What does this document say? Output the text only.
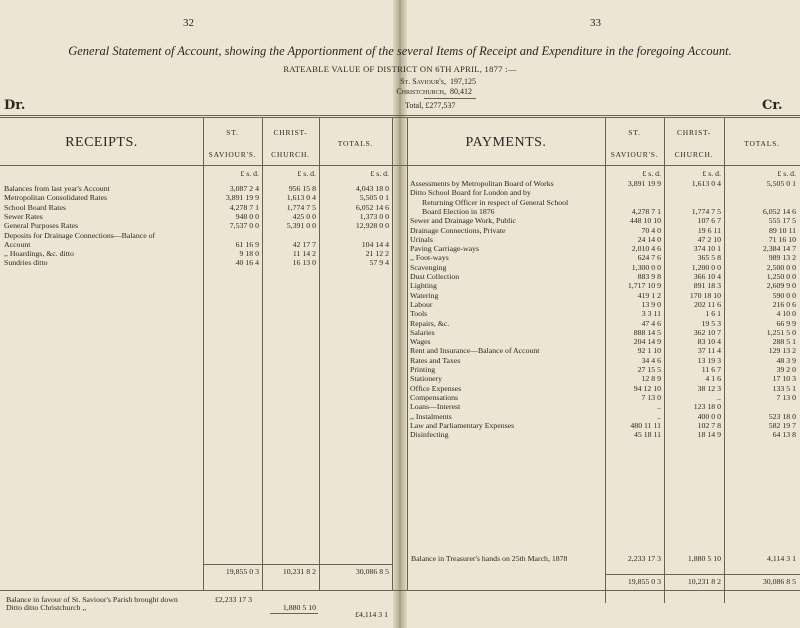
32	33
General Statement of Account, showing the Apportionment of the several Items of Receipt and Expenditure in the foregoing Account.
RATEABLE VALUE OF DISTRICT ON 6TH APRIL, 1877 :—
St. Saviour's, 197,125
Christchurch, 80,412
Total, £277,537
Dr.	Cr.
RECEIPTS.
ST.
SAVIOUR'S.
CHRIST-
CHURCH.
TOTALS.	PAYMENTS.
ST.
SAVIOUR'S.
CHRIST-
CHURCH.
TOTALS.
£ s. d.	£ s. d.	£ s. d.	£ s. d.	£ s. d.	£ s. d.
Balances from last year's Account	3,087 2 4	956 15 8	4,043 18 0
Metropolitan Consolidated Rates	3,891 19 9	1,613 0 4	5,505 0 1
School Board Rates	4,278 7 1	1,774 7 5	6,052 14 6
Sewer Rates	948 0 0	425 0 0	1,373 0 0
General Purposes Rates	7,537 0 0	5,391 0 0	12,928 0 0
Deposits for Drainage Connections—Balance of
Account	61 16 9	42 17 7	104 14 4
,, Hoardings, &c. ditto	9 18 0	11 14 2	21 12 2
Sundries ditto	40 16 4	16 13 0	57 9 4
Assessments by Metropolitan Board of Works	3,891 19 9	1,613 0 4	5,505 0 1
Ditto School Board for London and by
Returning Officer in respect of General School
Board Election in 1876	4,278 7 1	1,774 7 5	6,052 14 6
Sewer and Drainage Work, Public	448 10 10	107 6 7	555 17 5
Drainage Connections, Private	70 4 0	19 6 11	89 10 11
Urinals	24 14 0	47 2 10	71 16 10
Paving Carriage-ways	2,010 4 6	374 10 1	2,384 14 7
,, Foot-ways	624 7 6	365 5 8	989 13 2
Scavenging	1,300 0 0	1,200 0 0	2,500 0 0
Dust Collection	883 9 8	366 10 4	1,250 0 0
Lighting	1,717 10 9	891 18 3	2,609 9 0
Watering	419 1 2	170 18 10	590 0 0
Labour	13 9 0	202 11 6	216 0 6
Tools	3 3 11	1 6 1	4 10 0
Repairs, &c.	47 4 6	19 5 3	66 9 9
Salaries	888 14 5	362 10 7	1,251 5 0
Wages	204 14 9	83 10 4	288 5 1
Rent and Insurance—Balance of Account	92 1 10	37 11 4	129 13 2
Rates and Taxes	34 4 6	13 19 3	48 3 9
Printing	27 15 5	11 6 7	39 2 0
Stationery	12 8 9	4 1 6	17 10 3
Office Expenses	94 12 10	38 12 3	133 5 1
Compensations	7 13 0	..	7 13 0
Loans—Interest	..	123 18 0
,, Instalments	..	400 0 0	523 18 0
Law and Parliamentary Expenses	480 11 11	102 7 8	582 19 7
Disinfecting	45 18 11	18 14 9	64 13 8
19,855 0 3	10,231 8 2	30,086 8 5
Balance in Treasurer's hands on 25th March, 1878	2,233 17 3	1,880 5 10	4,114 3 1
19,855 0 3	10,231 8 2	30,086 8 5
Balance in favour of St. Saviour's Parish brought down	£2,233 17 3
Ditto ditto Christchurch ,,	1,880 5 10
£4,114 3 1
